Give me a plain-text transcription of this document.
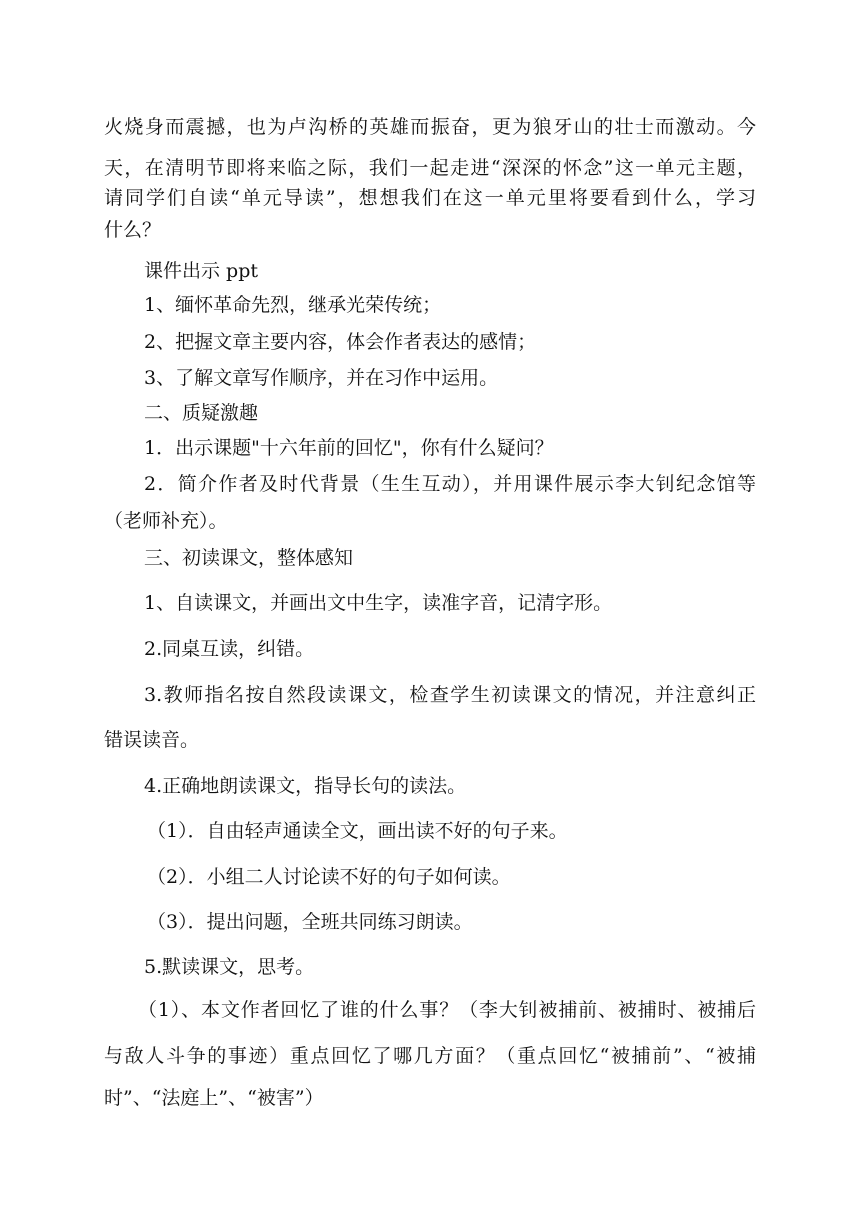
火烧身而震撼，也为卢沟桥的英雄而振奋，更为狼牙山的壮士而激动。今
天，在清明节即将来临之际，我们一起走进“深深的怀念”这一单元主题，
请同学们自读“单元导读”，想想我们在这一单元里将要看到什么，学习
什么？
课件出示 ppt
1、缅怀革命先烈，继承光荣传统；
2、把握文章主要内容，体会作者表达的感情；
3、了解文章写作顺序，并在习作中运用。
二、质疑激趣
1．出示课题"十六年前的回忆"，你有什么疑问？
2．简介作者及时代背景（生生互动），并用课件展示李大钊纪念馆等
（老师补充）。
三、初读课文，整体感知
1、自读课文，并画出文中生字，读准字音，记清字形。
2.同桌互读，纠错。
3.教师指名按自然段读课文，检查学生初读课文的情况，并注意纠正
错误读音。
4.正确地朗读课文，指导长句的读法。
（1）．自由轻声通读全文，画出读不好的句子来。
（2）．小组二人讨论读不好的句子如何读。
（3）．提出问题，全班共同练习朗读。
5.默读课文，思考。
（1）、本文作者回忆了谁的什么事？（李大钊被捕前、被捕时、被捕后
与敌人斗争的事迹）重点回忆了哪几方面？（重点回忆“被捕前”、“被捕
时”、“法庭上”、“被害”）
